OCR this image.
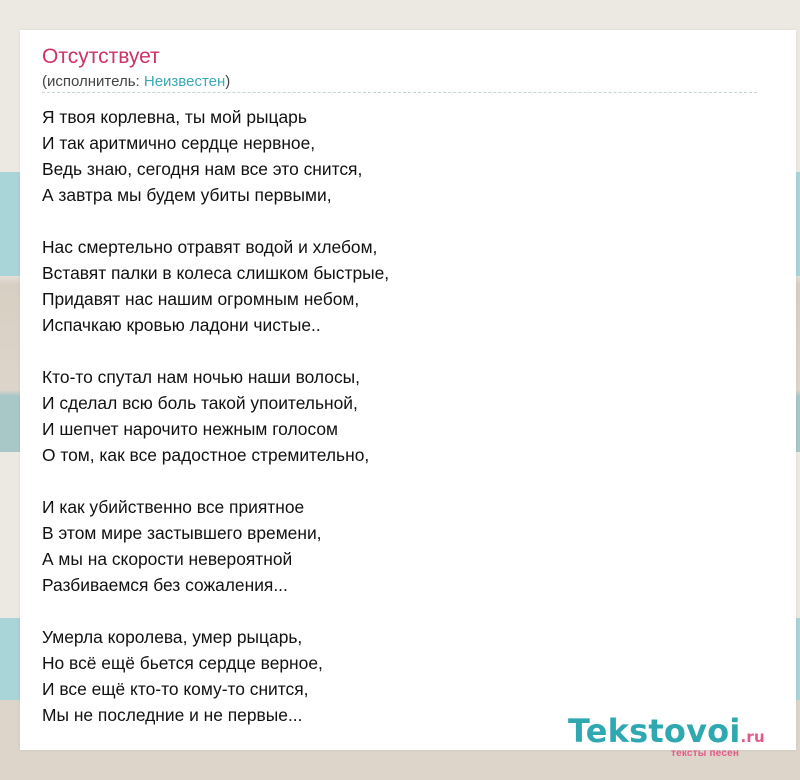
Отсутствует
(исполнитель: Неизвестен)
Я твоя корлевна, ты мой рыцарь
И так аритмично сердце нервное,
Ведь знаю, сегодня нам все это снится,
А завтра мы будем убиты первыми,
Нас смертельно отравят водой и хлебом,
Вставят палки в колеса слишком быстрые,
Придавят нас нашим огромным небом,
Испачкаю кровью ладони чистые..
Кто-то спутал нам ночью наши волосы,
И сделал всю боль такой упоительной,
И шепчет нарочито нежным голосом
О том, как все радостное стремительно,
И как убийственно все приятное
В этом мире застывшего времени,
А мы на скорости невероятной
Разбиваемся без сожаления...
Умерла королева, умер рыцарь,
Но всё ещё бьется сердце верное,
И все ещё кто-то кому-то снится,
Мы не последние и не первые...	Tekstovoi.ru
тексты песен
